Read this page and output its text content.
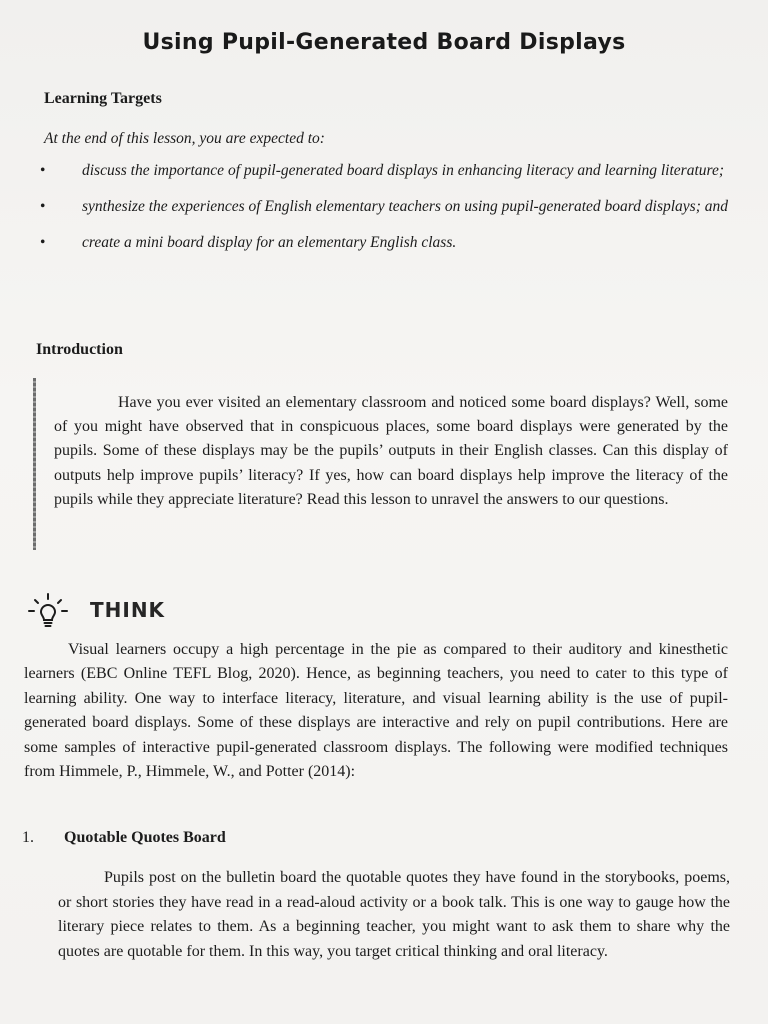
Using Pupil-Generated Board Displays
Learning Targets
At the end of this lesson, you are expected to:
• discuss the importance of pupil-generated board displays in enhancing literacy and learning literature;
• synthesize the experiences of English elementary teachers on using pupil-generated board displays; and
• create a mini board display for an elementary English class.
Introduction

Have you ever visited an elementary classroom and noticed some board displays? Well, some of you might have observed that in conspicuous places, some board displays were generated by the pupils. Some of these displays may be the pupils’ outputs in their English classes. Can this display of outputs help improve pupils’ literacy? If yes, how can board displays help improve the literacy of the pupils while they appreciate literature? Read this lesson to unravel the answers to our questions.

THINK

Visual learners occupy a high percentage in the pie as compared to their auditory and kinesthetic learners (EBC Online TEFL Blog, 2020). Hence, as beginning teachers, you need to cater to this type of learning ability. One way to interface literacy, literature, and visual learning ability is the use of pupil-generated board displays. Some of these displays are interactive and rely on pupil contributions. Here are some samples of interactive pupil-generated classroom displays. The following were modified techniques from Himmele, P., Himmele, W., and Potter (2014):

1. Quotable Quotes Board

Pupils post on the bulletin board the quotable quotes they have found in the storybooks, poems, or short stories they have read in a read-aloud activity or a book talk. This is one way to gauge how the literary piece relates to them. As a beginning teacher, you might want to ask them to share why the quotes are quotable for them. In this way, you target critical thinking and oral literacy.
